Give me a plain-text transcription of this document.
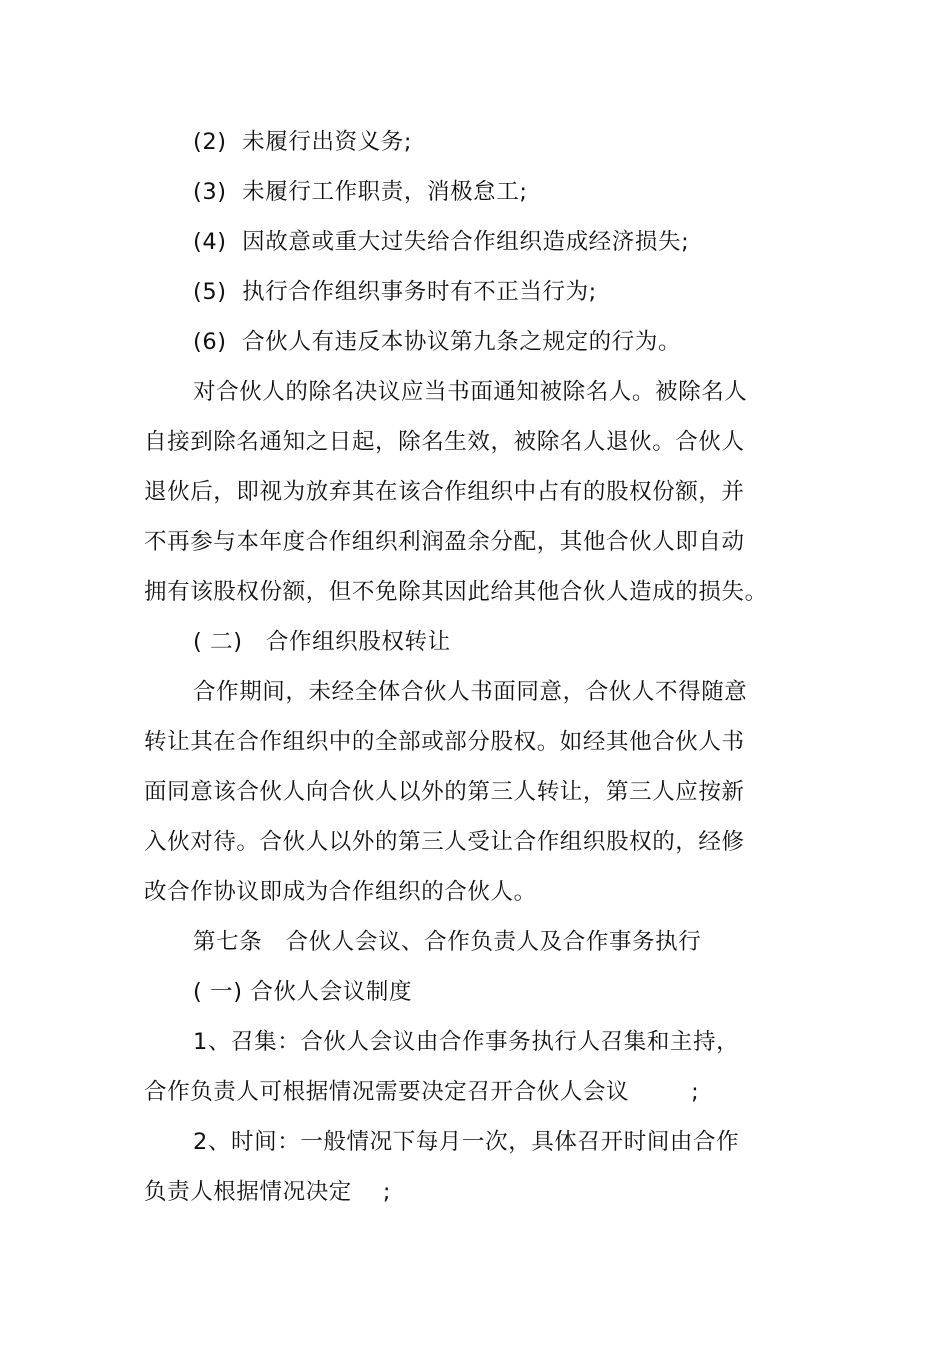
(2)  未履行出资义务;
(3)  未履行工作职责，消极怠工;
(4)  因故意或重大过失给合作组织造成经济损失;
(5)  执行合作组织事务时有不正当行为;
(6)  合伙人有违反本协议第九条之规定的行为。
对合伙人的除名决议应当书面通知被除名人。被除名人
自接到除名通知之日起，除名生效，被除名人退伙。合伙人
退伙后，即视为放弃其在该合作组织中占有的股权份额，并
不再参与本年度合作组织利润盈余分配，其他合伙人即自动
拥有该股权份额，但不免除其因此给其他合伙人造成的损失。
( 二)   合作组织股权转让
合作期间，未经全体合伙人书面同意，合伙人不得随意
转让其在合作组织中的全部或部分股权。如经其他合伙人书
面同意该合伙人向合伙人以外的第三人转让，第三人应按新
入伙对待。合伙人以外的第三人受让合作组织股权的，经修
改合作协议即成为合作组织的合伙人。
第七条   合伙人会议、合作负责人及合作事务执行
( 一) 合伙人会议制度
1、召集：合伙人会议由合作事务执行人召集和主持，
合作负责人可根据情况需要决定召开合伙人会议        ;
2、时间：一般情况下每月一次，具体召开时间由合作
负责人根据情况决定    ;
